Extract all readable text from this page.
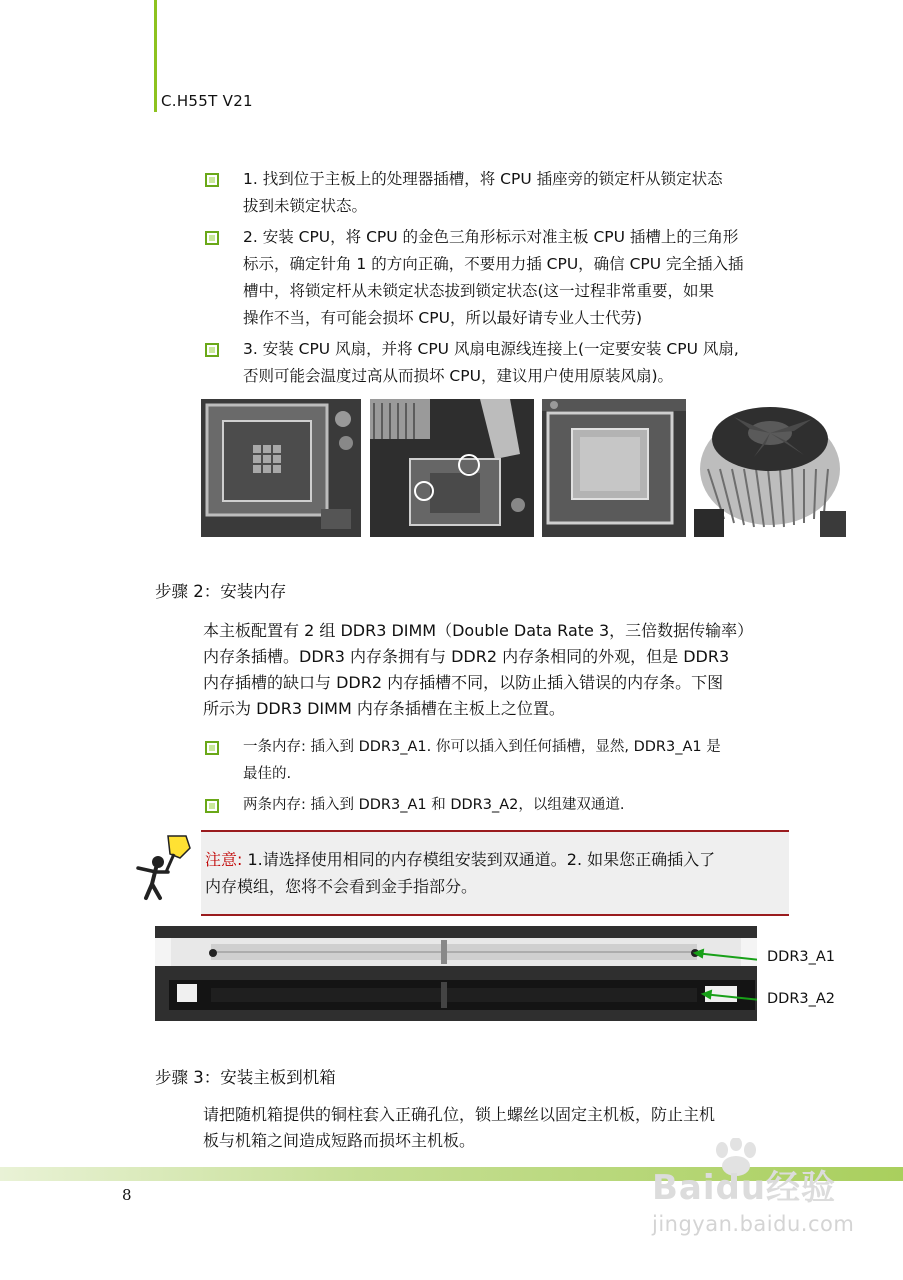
C.H55T V21
1. 找到位于主板上的处理器插槽，将 CPU 插座旁的锁定杆从锁定状态
拔到未锁定状态。
2. 安装 CPU，将 CPU 的金色三角形标示对准主板 CPU 插槽上的三角形
标示，确定针角 1 的方向正确，不要用力插 CPU，确信 CPU 完全插入插
槽中，将锁定杆从未锁定状态拔到锁定状态(这一过程非常重要，如果
操作不当，有可能会损坏 CPU，所以最好请专业人士代劳)
3. 安装 CPU 风扇，并将 CPU 风扇电源线连接上(一定要安装 CPU 风扇,
否则可能会温度过高从而损坏 CPU，建议用户使用原装风扇)。
步骤 2：安装内存
本主板配置有 2 组 DDR3 DIMM（Double Data Rate 3，三倍数据传输率）
内存条插槽。DDR3 内存条拥有与 DDR2 内存条相同的外观，但是 DDR3
内存插槽的缺口与 DDR2 内存插槽不同，以防止插入错误的内存条。下图
所示为 DDR3 DIMM 内存条插槽在主板上之位置。
一条内存: 插入到 DDR3_A1. 你可以插入到任何插槽，显然, DDR3_A1 是
最佳的.
两条内存: 插入到 DDR3_A1 和 DDR3_A2，以组建双通道.
注意: 1.请选择使用相同的内存模组安装到双通道。2. 如果您正确插入了
内存模组，您将不会看到金手指部分。
DDR3_A1
DDR3_A2
步骤 3：安装主板到机箱
请把随机箱提供的铜柱套入正确孔位，锁上螺丝以固定主机板，防止主机
板与机箱之间造成短路而损坏主机板。
8	Baidu经验
jingyan.baidu.com
